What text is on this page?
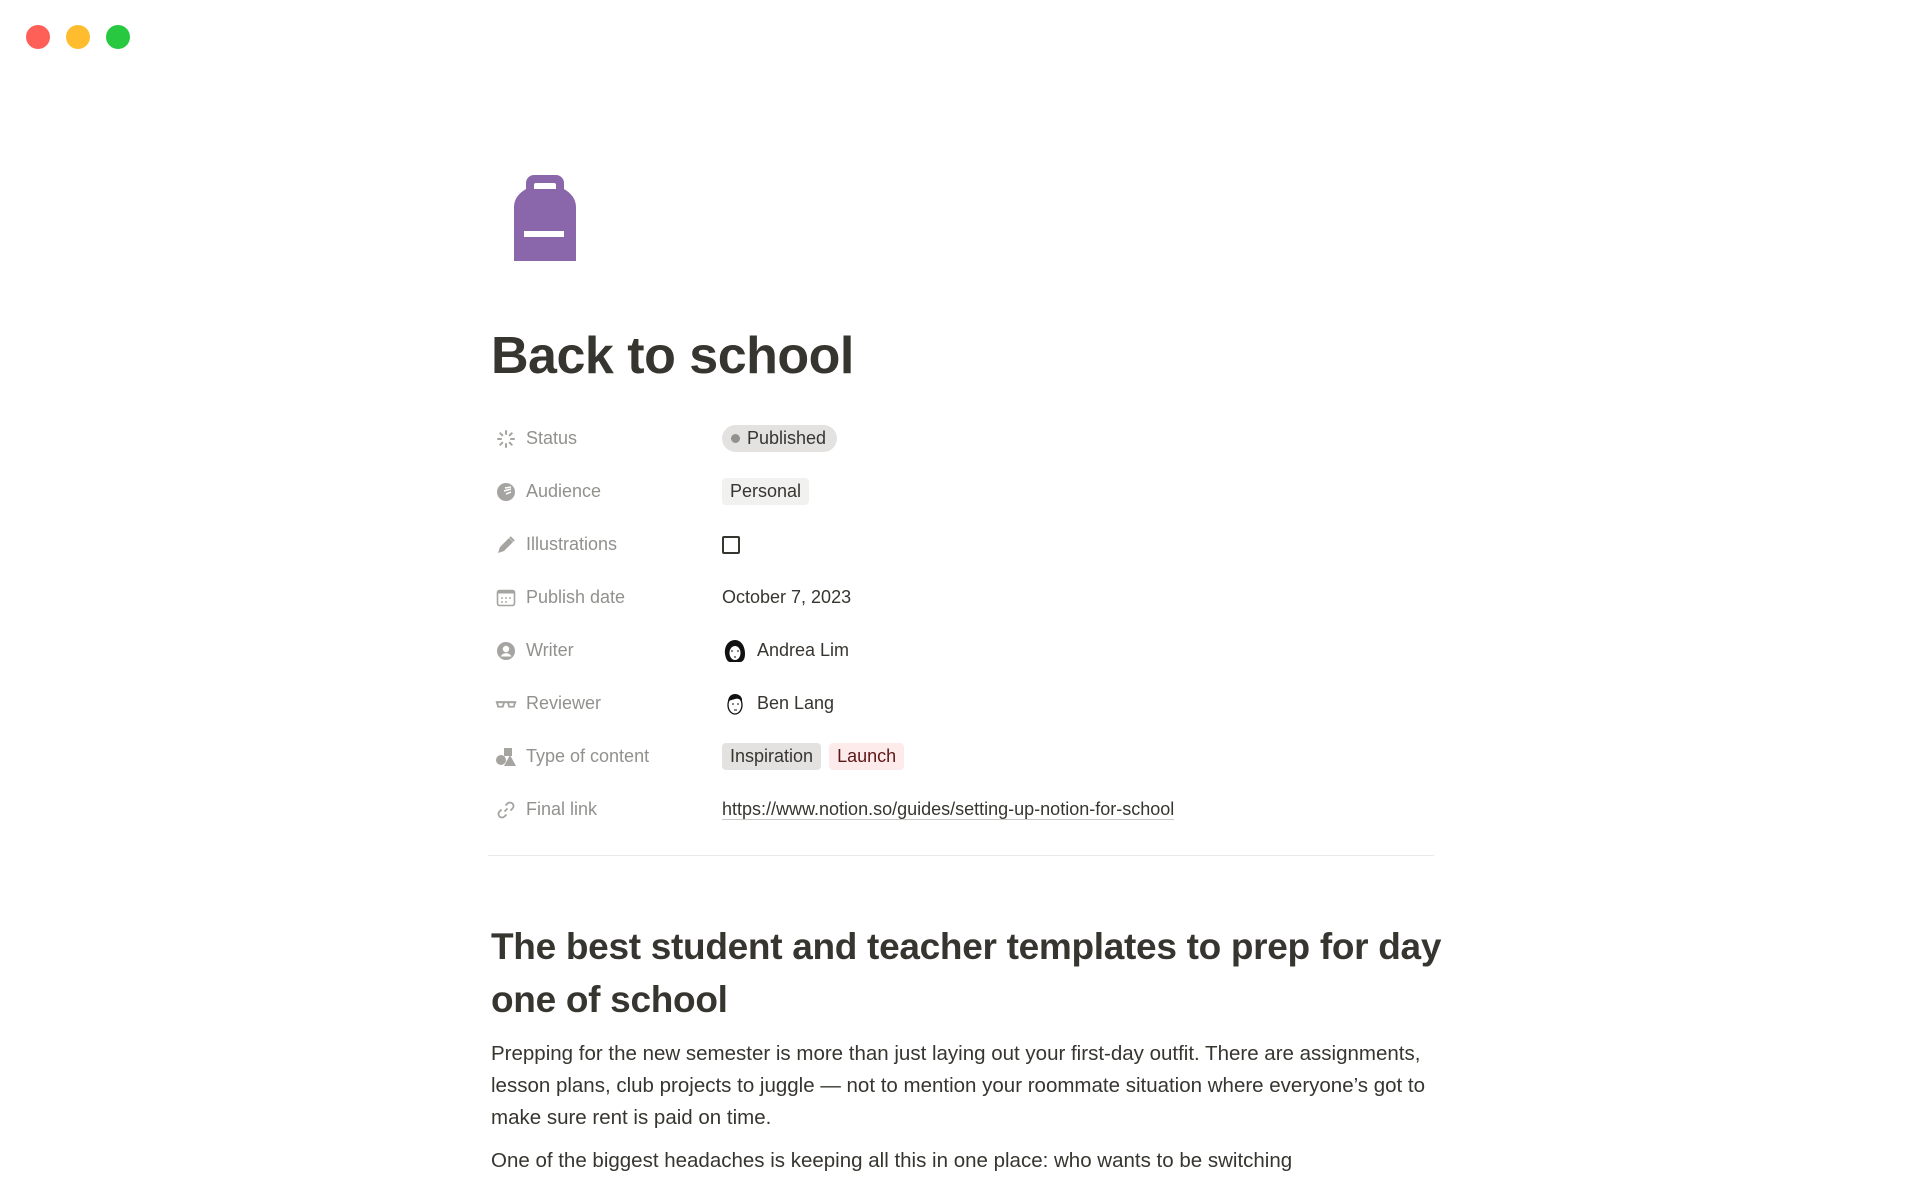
Back to school
Status	Published
Audience	Personal
Illustrations
Publish date	October 7, 2023
Writer	Andrea Lim
Reviewer	Ben Lang
Type of content	Inspiration	Launch
Final link	https://www.notion.so/guides/setting-up-notion-for-school
The best student and teacher templates to prep for day one of school

Prepping for the new semester is more than just laying out your first-day outfit. There are assignments, lesson plans, club projects to juggle — not to mention your roommate situation where everyone’s got to make sure rent is paid on time.

One of the biggest headaches is keeping all this in one place: who wants to be switching
